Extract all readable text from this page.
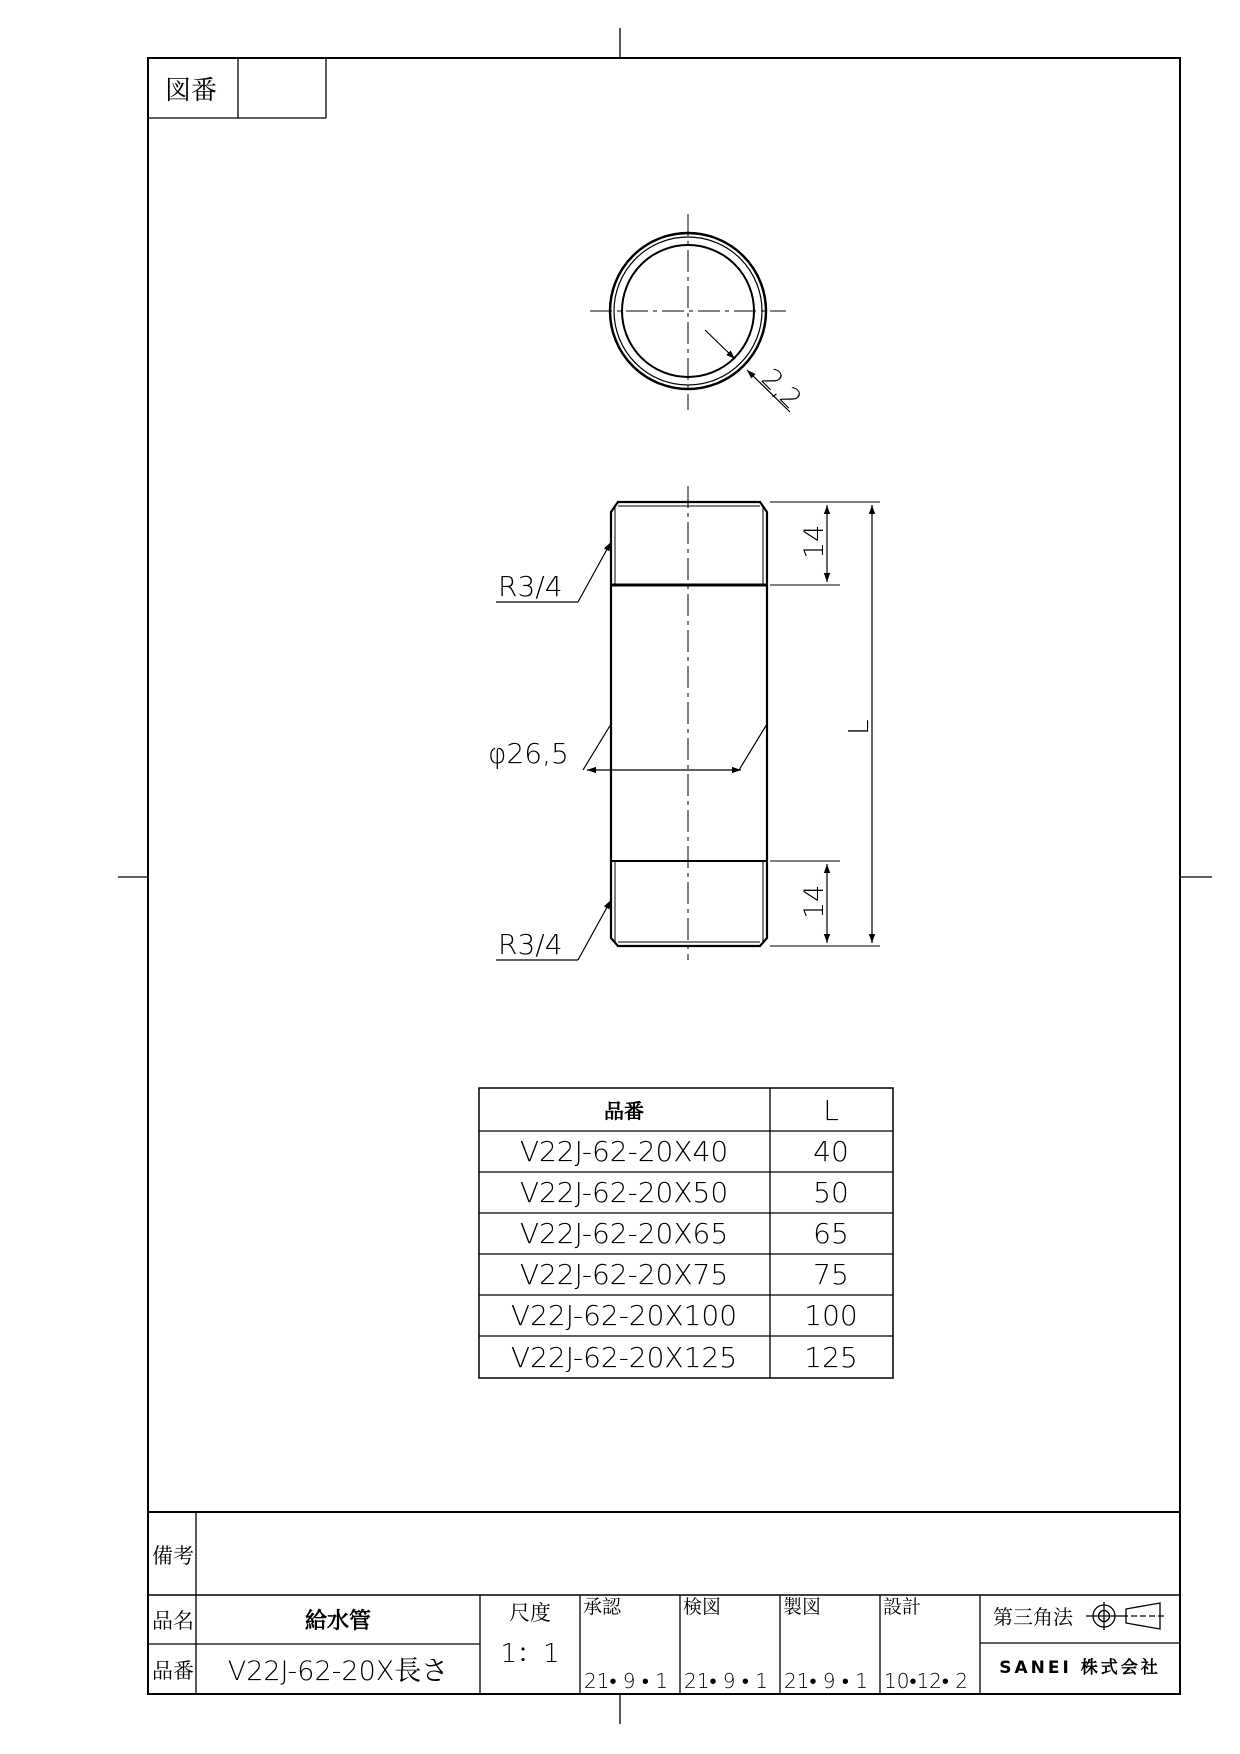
図番
2,2
14
14
L
R3/4
φ26,5
R3/4
品番	L
V22J-62-20X40	40
V22J-62-20X50	50
V22J-62-20X65	65
V22J-62-20X75	75
V22J-62-20X100 100
V22J-62-20X125 125
備考
品名	給水管
品番 V22J-62-20X長さ
尺度
1：1
承認
21• 9 • 1
検図
21• 9 • 1
製図
21• 9 • 1
設計
10•12• 2
第三角法
SANEI 株式会社
